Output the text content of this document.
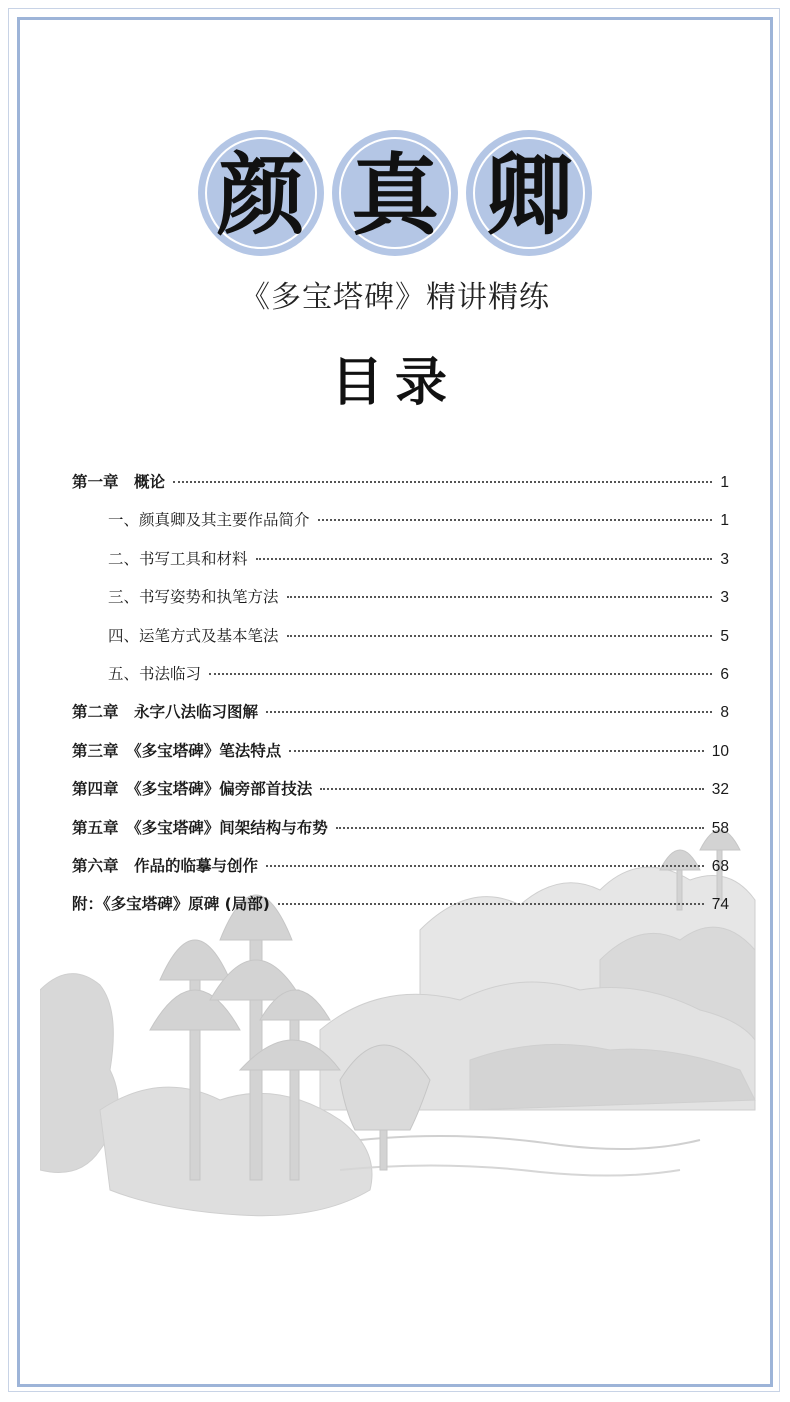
颜 真 卿
《多宝塔碑》精讲精练
目录
第一章　概论	1
一、颜真卿及其主要作品简介	1
二、书写工具和材料	3
三、书写姿势和执笔方法	3
四、运笔方式及基本笔法	5
五、书法临习	6
第二章　永字八法临习图解	8
第三章　《多宝塔碑》笔法特点	10
第四章　《多宝塔碑》偏旁部首技法	32
第五章　《多宝塔碑》间架结构与布势	58
第六章　作品的临摹与创作	68
附：《多宝塔碑》原碑 (局部)	74
